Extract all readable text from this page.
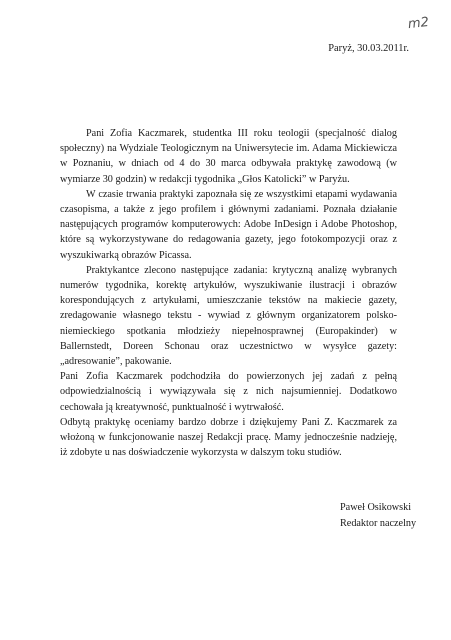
m2
Paryż, 30.03.2011r.

Pani Zofia Kaczmarek, studentka III roku teologii (specjalność dialog społeczny) na Wydziale Teologicznym na Uniwersytecie im. Adama Mickiewicza w Poznaniu, w dniach od 4 do 30 marca odbywała praktykę zawodową (w wymiarze 30 godzin) w redakcji tygodnika „Głos Katolicki” w Paryżu.

W czasie trwania praktyki zapoznała się ze wszystkimi etapami wydawania czasopisma, a także z jego profilem i głównymi zadaniami. Poznała działanie następujących programów komputerowych: Adobe InDesign i Adobe Photoshop, które są wykorzystywane do redagowania gazety, jego fotokompozycji oraz z wyszukiwarką obrazów Picassa.

Praktykantce zlecono następujące zadania: krytyczną analizę wybranych numerów tygodnika, korektę artykułów, wyszukiwanie ilustracji i obrazów korespondujących z artykułami, umieszczanie tekstów na makiecie gazety, zredagowanie własnego tekstu - wywiad z głównym organizatorem polsko-niemieckiego spotkania młodzieży niepełnosprawnej (Europakinder) w Ballernstedt, Doreen Schonau oraz uczestnictwo w wysyłce gazety: „adresowanie”, pakowanie.

Pani Zofia Kaczmarek podchodziła do powierzonych jej zadań z pełną odpowiedzialnością i wywiązywała się z nich najsumienniej. Dodatkowo cechowała ją kreatywność, punktualność i wytrwałość.

Odbytą praktykę oceniamy bardzo dobrze i dziękujemy Pani Z. Kaczmarek za włożoną w funkcjonowanie naszej Redakcji pracę. Mamy jednocześnie nadzieję, iż zdobyte u nas doświadczenie wykorzysta w dalszym toku studiów.

Paweł Osikowski
Redaktor naczelny
